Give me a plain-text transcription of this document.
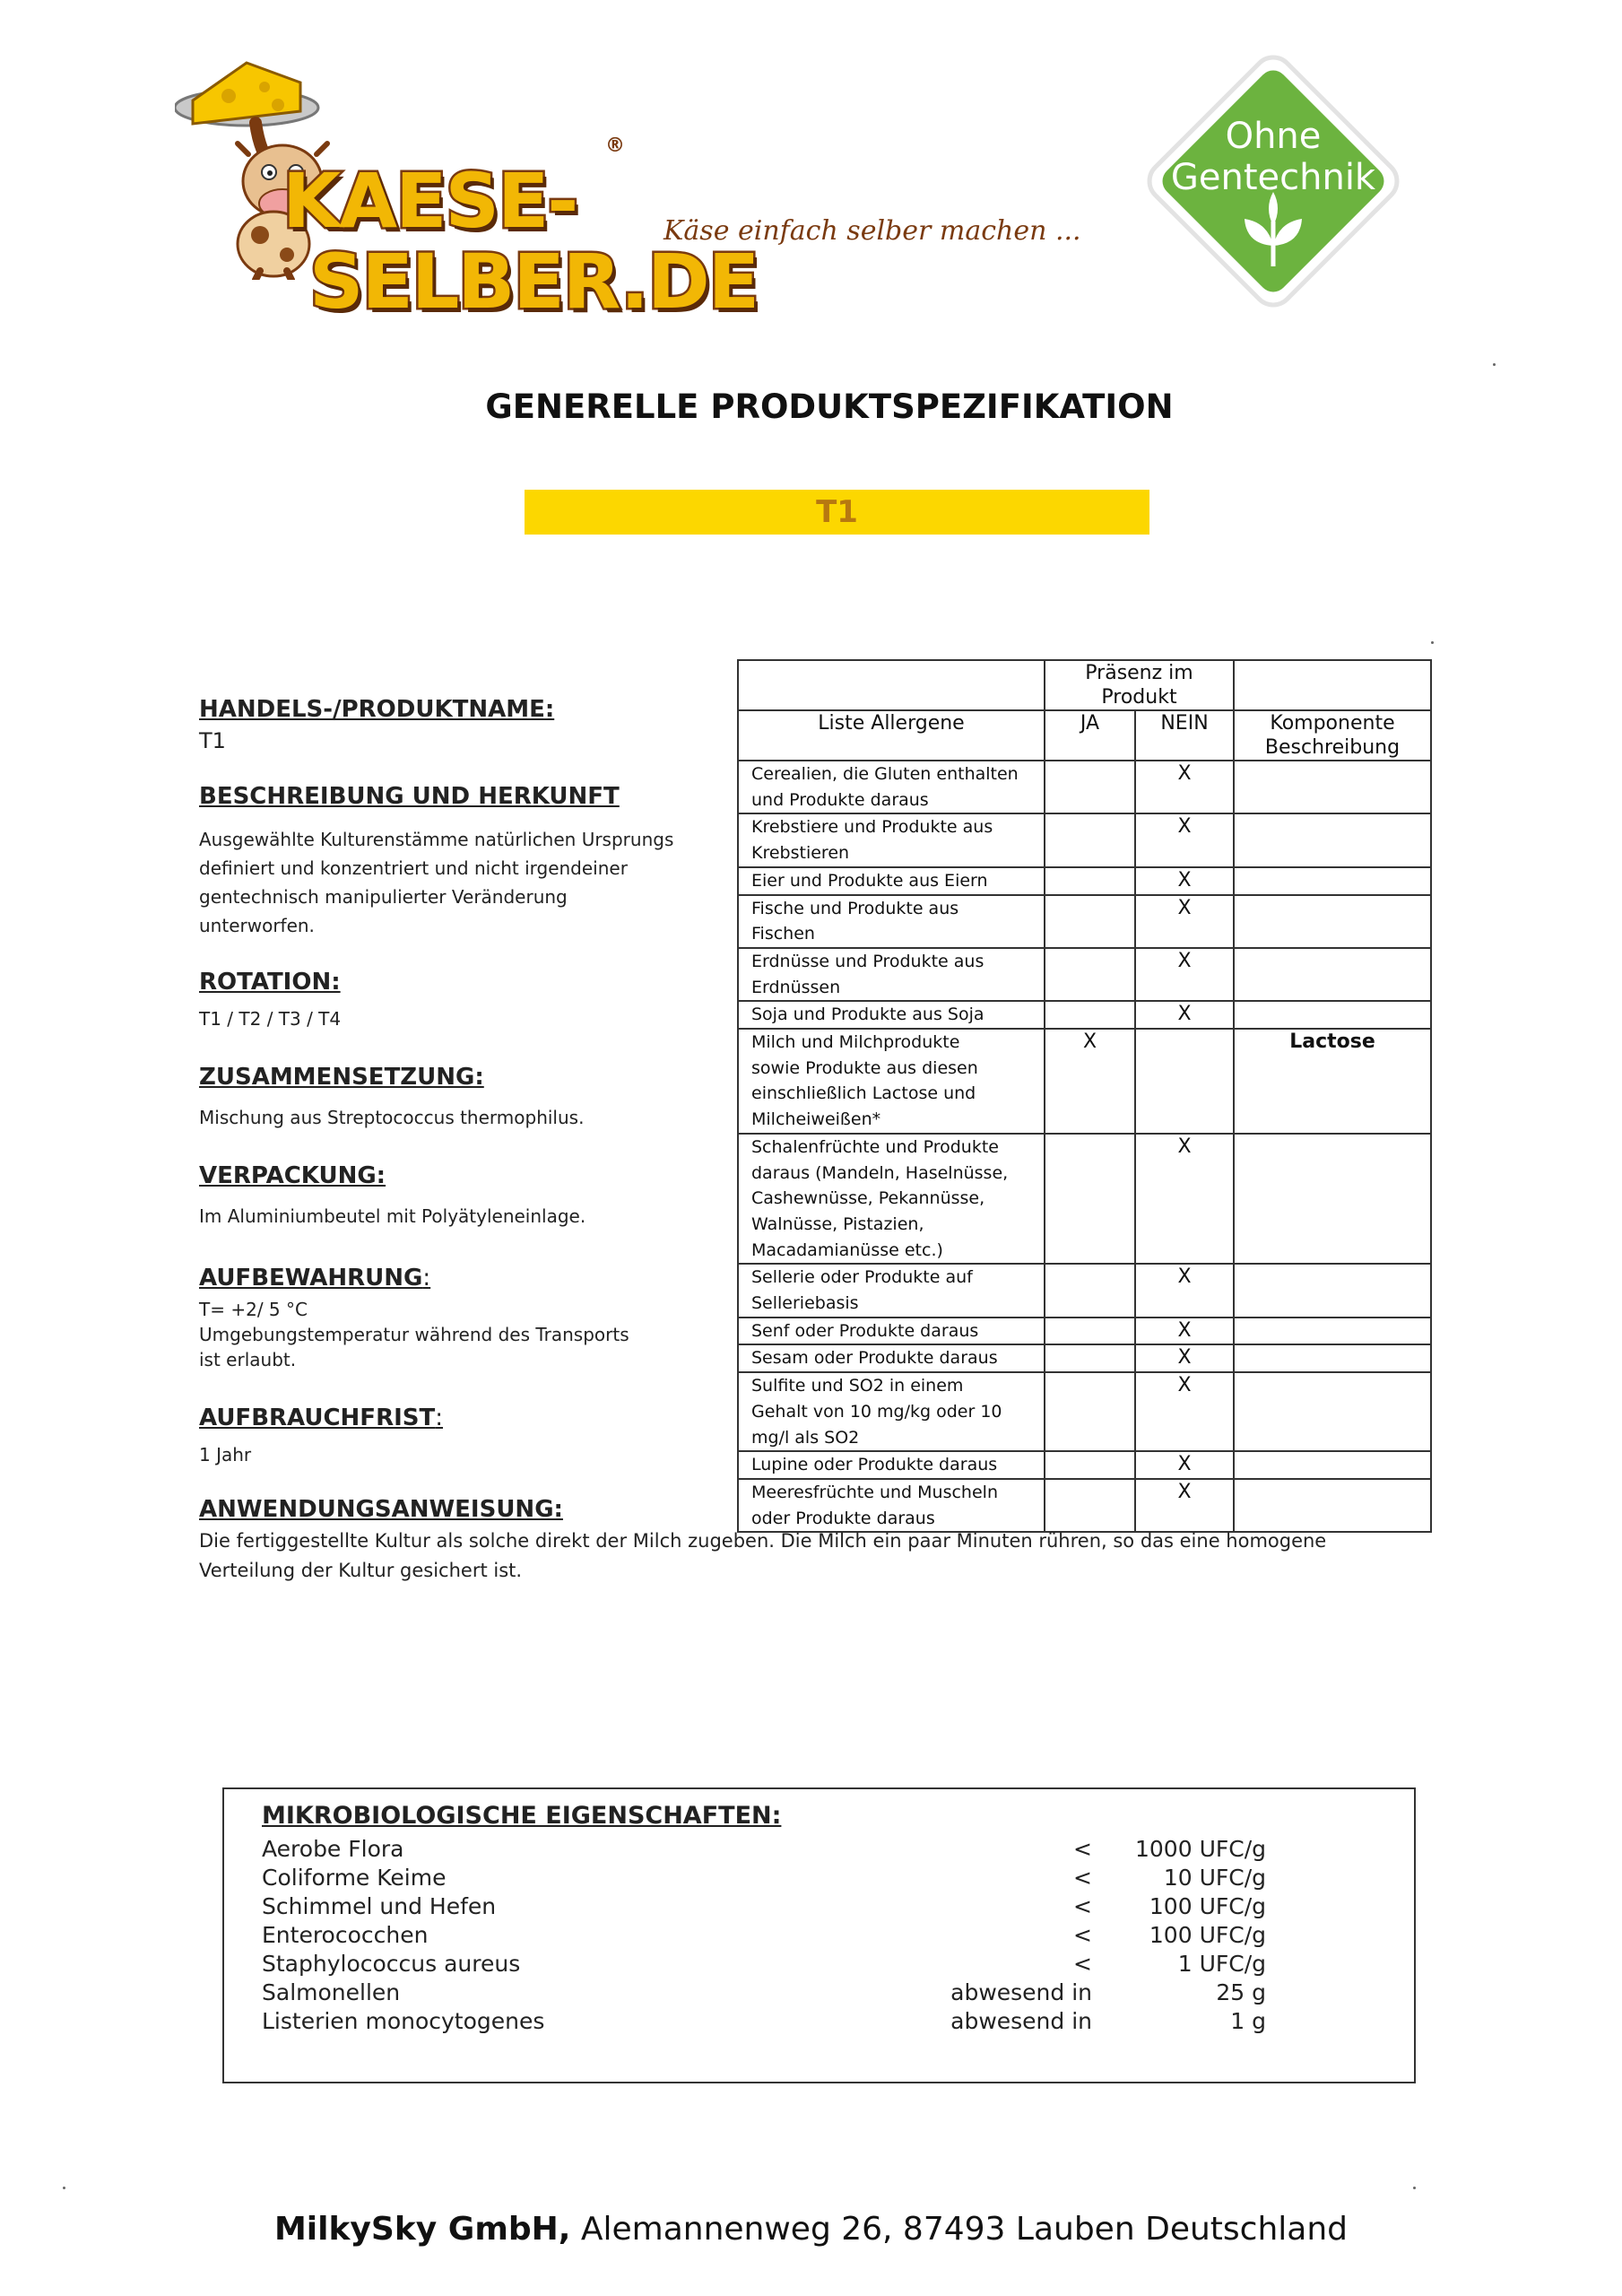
KAESE-
SELBER.DE
®
Käse einfach selber machen ...
Ohne
Gentechnik
GENERELLE PRODUKTSPEZIFIKATION
T1
HANDELS-/PRODUKTNAME:
T1
BESCHREIBUNG UND HERKUNFT
Ausgewählte Kulturenstämme natürlichen Ursprungs
definiert und konzentriert und nicht irgendeiner
gentechnisch manipulierter Veränderung
unterworfen.
ROTATION:
T1 / T2 / T3 / T4
ZUSAMMENSETZUNG:
Mischung aus Streptococcus thermophilus.
VERPACKUNG:
Im Aluminiumbeutel mit Polyätyleneinlage.
AUFBEWAHRUNG:
T= +2/ 5 °C
Umgebungstemperatur während des Transports
ist erlaubt.
AUFBRAUCHFRIST:
1 Jahr
ANWENDUNGSANWEISUNG:

	Präsenz im
Produkt		

Liste Allergene	JA	NEIN	Komponente
Beschreibung

Cerealien, die Gluten enthalten
und Produkte daraus		X	

Krebstiere und Produkte aus
Krebstieren		X	

Eier und Produkte aus Eiern		X	

Fische und Produkte aus
Fischen		X	

Erdnüsse und Produkte aus
Erdnüssen		X	

Soja und Produkte aus Soja		X	

Milch und Milchprodukte
sowie Produkte aus diesen
einschließlich Lactose und
Milcheiweißen*	X		Lactose

Schalenfrüchte und Produkte
daraus (Mandeln, Haselnüsse,
Cashewnüsse, Pekannüsse,
Walnüsse, Pistazien,
Macadamianüsse etc.)		X	

Sellerie oder Produkte auf
Selleriebasis		X	

Senf oder Produkte daraus		X	

Sesam oder Produkte daraus		X	

Sulfite und SO2 in einem
Gehalt von 10 mg/kg oder 10
mg/l als SO2		X	

Lupine oder Produkte daraus		X	

Meeresfrüchte und Muscheln
oder Produkte daraus		X	
Die fertiggestellte Kultur als solche direkt der Milch zugeben. Die Milch ein paar Minuten rühren, so das eine homogene
Verteilung der Kultur gesichert ist.
MIKROBIOLOGISCHE EIGENSCHAFTEN:
Aerobe Flora	< 1000 UFC/g
Coliforme Keime	<	10 UFC/g
Schimmel und Hefen	<	100 UFC/g
Enterococchen	<	100 UFC/g
Staphylococcus aureus	<	1 UFC/g
Salmonellen	abwesend in	25 g
Listerien monocytogenes	abwesend in	1 g
MilkySky GmbH, Alemannenweg 26, 87493 Lauben Deutschland
